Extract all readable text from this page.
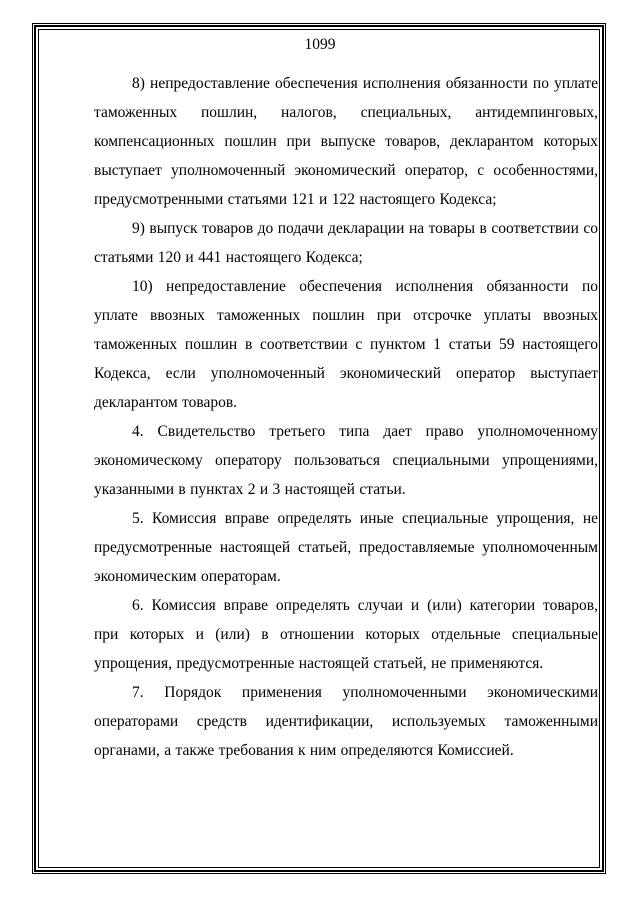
1099

8) непредоставление обеспечения исполнения обязанности по уплате таможенных пошлин, налогов, специальных, антидемпинговых, компенсационных пошлин при выпуске товаров, декларантом которых выступает уполномоченный экономический оператор, с особенностями, предусмотренными статьями 121 и 122 настоящего Кодекса;

9) выпуск товаров до подачи декларации на товары в соответствии со статьями 120 и 441 настоящего Кодекса;

10) непредоставление обеспечения исполнения обязанности по уплате ввозных таможенных пошлин при отсрочке уплаты ввозных таможенных пошлин в соответствии с пунктом 1 статьи 59 настоящего Кодекса, если уполномоченный экономический оператор выступает декларантом товаров.

4. Свидетельство третьего типа дает право уполномоченному экономическому оператору пользоваться специальными упрощениями, указанными в пунктах 2 и 3 настоящей статьи.

5. Комиссия вправе определять иные специальные упрощения, не предусмотренные настоящей статьей, предоставляемые уполномоченным экономическим операторам.

6. Комиссия вправе определять случаи и (или) категории товаров, при которых и (или) в отношении которых отдельные специальные упрощения, предусмотренные настоящей статьей, не применяются.

7. Порядок применения уполномоченными экономическими операторами средств идентификации, используемых таможенными органами, а также требования к ним определяются Комиссией.
